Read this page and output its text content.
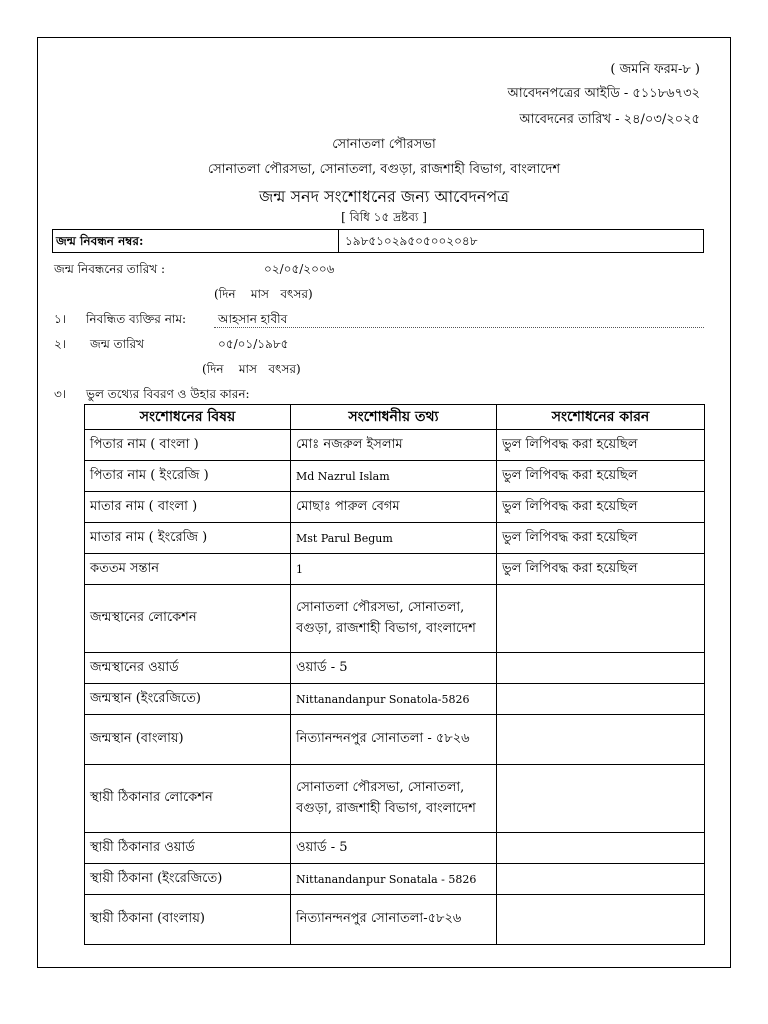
( জমনি ফরম-৮ )
আবেদনপত্রের আইডি - ৫১১৮৬৭৩২
আবেদনের তারিখ - ২৪/০৩/২০২৫
সোনাতলা পৌরসভা
সোনাতলা পৌরসভা, সোনাতলা, বগুড়া, রাজশাহী বিভাগ, বাংলাদেশ
জন্ম সনদ সংশোধনের জন্য আবেদনপত্র
[ বিধি ১৫ দ্রষ্টব্য ]
জন্ম নিবন্ধন নম্বর:	১৯৮৫১০২৯৫০৫০০২০৪৮
জন্ম নিবন্ধনের তারিখ :	০২/০৫/২০০৬
(দিন    মাস   বৎসর)
১। নিবন্ধিত ব্যক্তির নাম:	আহসান হাবীব
২। জন্ম তারিখ	০৫/০১/১৯৮৫
(দিন    মাস   বৎসর)
৩। ভুল তথ্যের বিবরণ ও উহার কারন:
সংশোধনের বিষয়	সংশোধনীয় তথ্য	সংশোধনের কারন
পিতার নাম ( বাংলা )	মোঃ নজরুল ইসলাম	ভুল লিপিবদ্ধ করা হয়েছিল
পিতার নাম ( ইংরেজি )	Md Nazrul Islam	ভুল লিপিবদ্ধ করা হয়েছিল
মাতার নাম ( বাংলা )	মোছাঃ পারুল বেগম	ভুল লিপিবদ্ধ করা হয়েছিল
মাতার নাম ( ইংরেজি )	Mst Parul Begum	ভুল লিপিবদ্ধ করা হয়েছিল
কততম সন্তান	1	ভুল লিপিবদ্ধ করা হয়েছিল
জন্মস্থানের লোকেশন	সোনাতলা পৌরসভা, সোনাতলা, বগুড়া, রাজশাহী বিভাগ, বাংলাদেশ	
জন্মস্থানের ওয়ার্ড	ওয়ার্ড - 5	
জন্মস্থান (ইংরেজিতে)	Nittanandanpur Sonatola-5826	
জন্মস্থান (বাংলায়)	নিত্যানন্দনপুর সোনাতলা - ৫৮২৬	
স্থায়ী ঠিকানার লোকেশন	সোনাতলা পৌরসভা, সোনাতলা, বগুড়া, রাজশাহী বিভাগ, বাংলাদেশ	
স্থায়ী ঠিকানার ওয়ার্ড	ওয়ার্ড - 5	
স্থায়ী ঠিকানা (ইংরেজিতে)	Nittanandanpur Sonatala - 5826	
স্থায়ী ঠিকানা (বাংলায়)	নিত্যানন্দনপুর সোনাতলা-৫৮২৬	
